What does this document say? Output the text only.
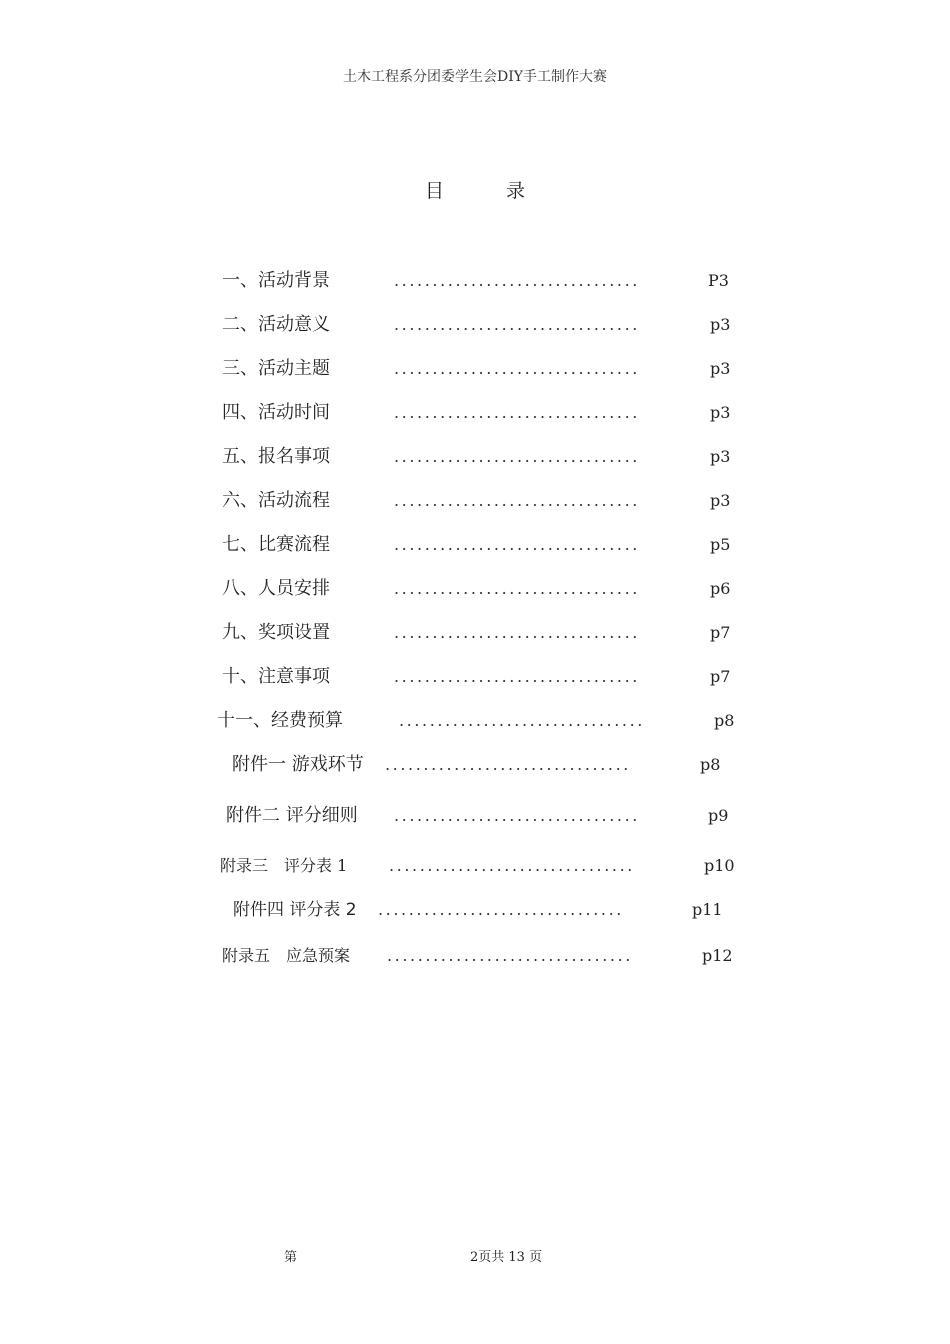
土木工程系分团委学生会DIY手工制作大赛
目 录
一、活动背景	................................	P3
二、活动意义	................................	p3
三、活动主题	................................	p3
四、活动时间	................................	p3
五、报名事项	................................	p3
六、活动流程	................................	p3
七、比赛流程	................................	p5
八、人员安排	................................	p6
九、奖项设置	................................	p7
十、注意事项	................................	p7
十一、经费预算	................................	p8
附件一 游戏环节 ................................	p8
附件二 评分细则 ................................	p9
附录三　评分表 1	................................	p10
附件四 评分表 2 ................................	p11
附录五　应急预案 ................................	p12
第	2页共 13 页
